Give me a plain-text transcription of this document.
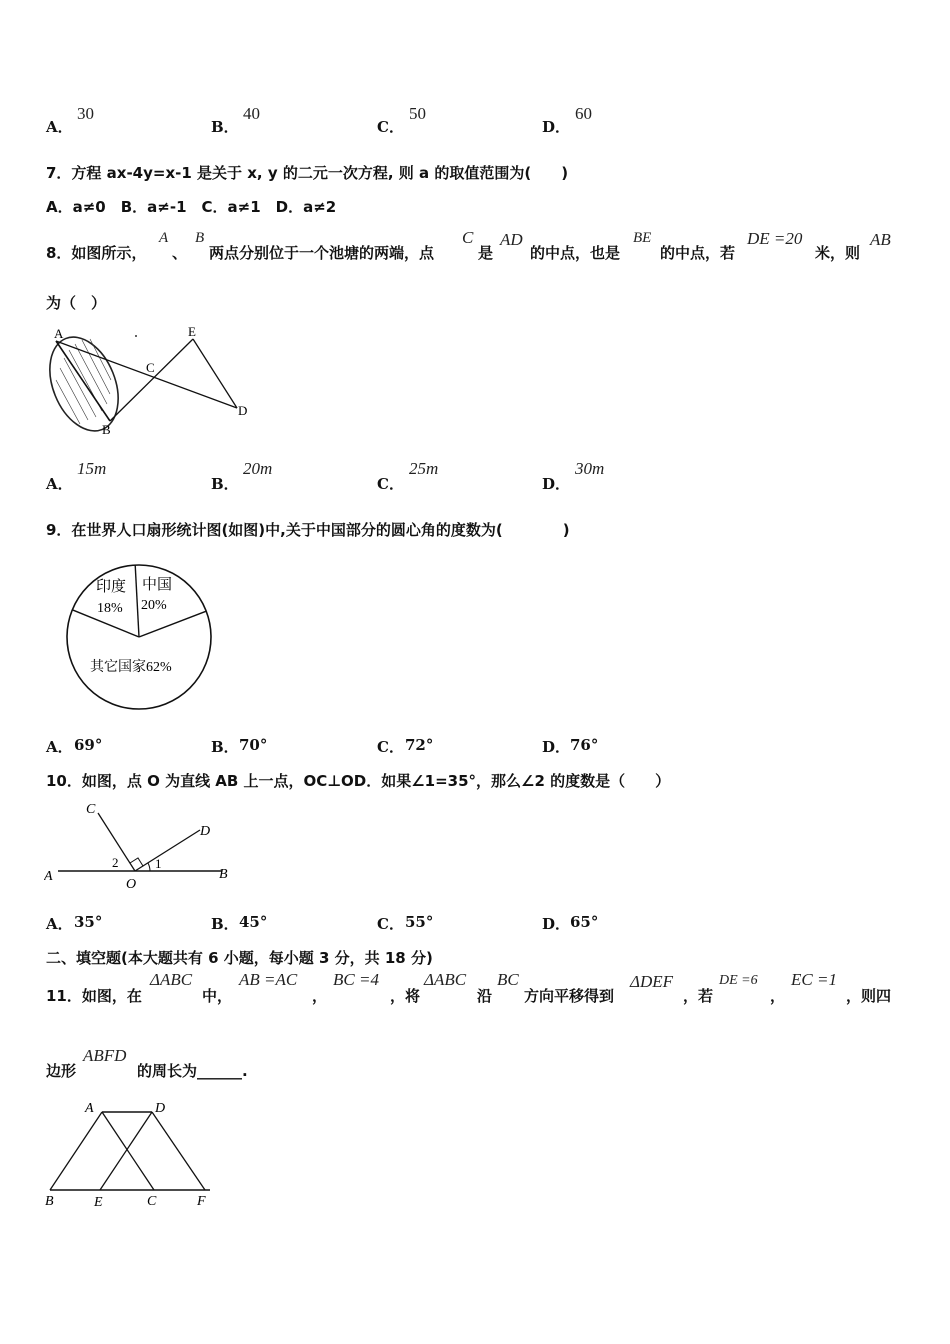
A．
30
B．
40
C．
50
D．
60
7．方程 ax-4y=x-1 是关于 x, y 的二元一次方程, 则 a 的取值范围为(　　)
A．a≠0　B．a≠-1　C．a≠1　D．a≠2
8．如图所示，
A
、
B
两点分别位于一个池塘的两端，点
C
是
AD
的中点，也是
BE
的中点，若
DE =20
米，则
AB
为（　）
A
B
C
D
E
A．
15m
B．
20m
C．
25m
D．
30m
9．在世界人口扇形统计图(如图)中,关于中国部分的圆心角的度数为(　　　　)
印度
18%
中国
20%
其它国家62%
A． 69°	B． 70°	C． 72°	D． 76°
10．如图，点 O 为直线 AB 上一点，OC⊥OD．如果∠1=35°，那么∠2 的度数是（　　）
A	B
C
D
O
1
2
A． 35°	B． 45°	C． 55°	D． 65°
二、填空题(本大题共有 6 小题，每小题 3 分，共 18 分)
11．如图，在
ΔABC
中，
AB =AC
，
BC =4
，将
ΔABC
沿
BC
方向平移得到
ΔDEF
，若
DE =6
，
EC =1
，则四
边形
ABFD
的周长为______.
A	D
B	E	C	F
